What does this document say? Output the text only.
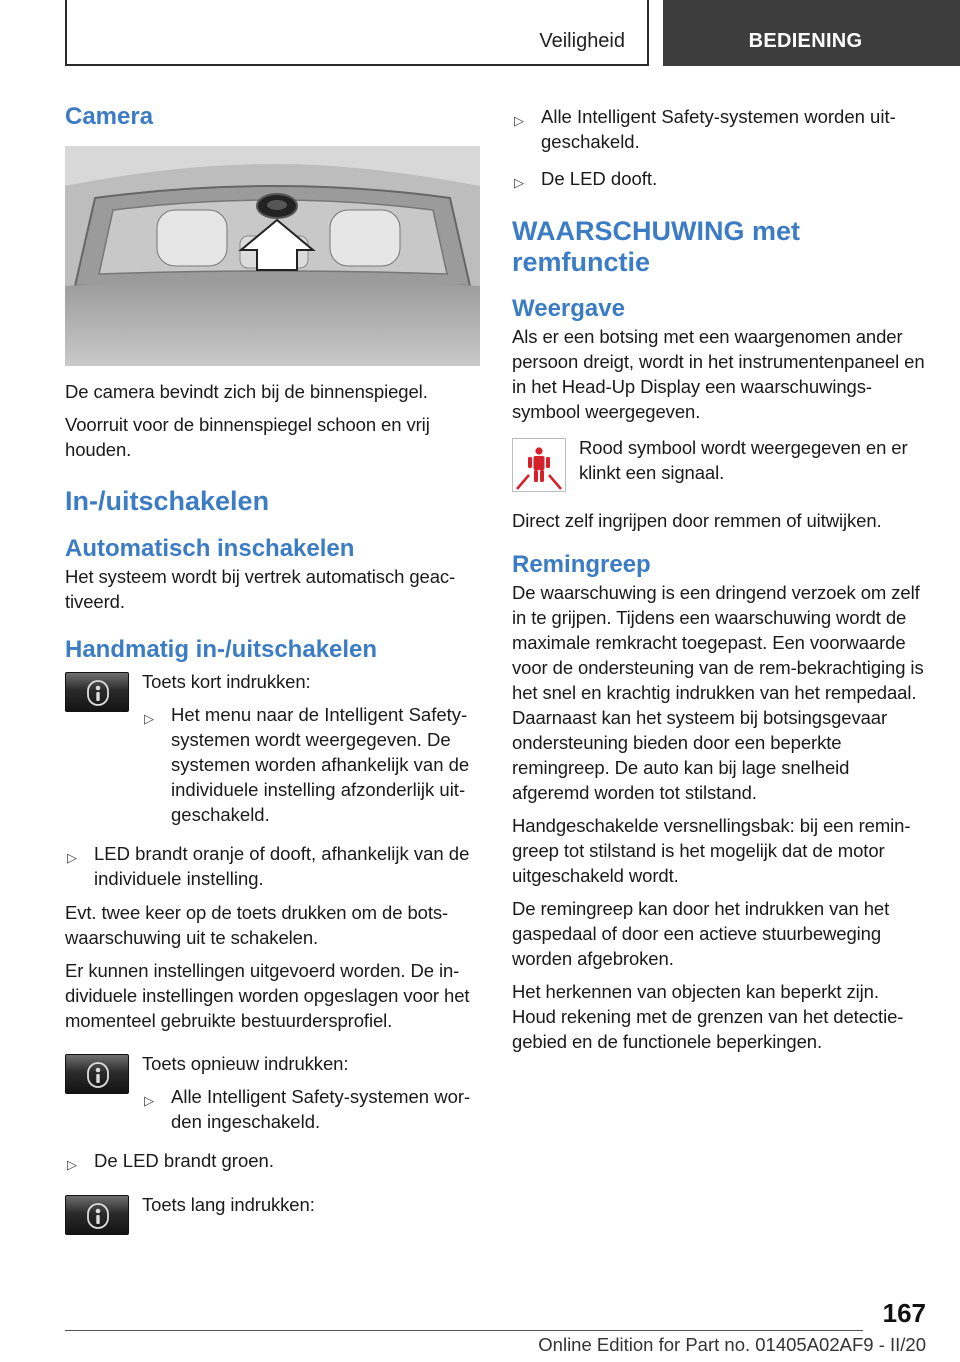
Veiligheid	BEDIENING
Camera
De camera bevindt zich bij de binnenspiegel.
Voorruit voor de binnenspiegel schoon en vrij houden.
In-/uitschakelen
Automatisch inschakelen
Het systeem wordt bij vertrek automatisch geac-tiveerd.
Handmatig in-/uitschakelen
Toets kort indrukken:
▷ Het menu naar de Intelligent Safety-systemen wordt weergegeven. De systemen worden afhankelijk van de individuele instelling afzonderlijk uit-geschakeld.
▷ LED brandt oranje of dooft, afhankelijk van de individuele instelling.
Evt. twee keer op de toets drukken om de bots-waarschuwing uit te schakelen.
Er kunnen instellingen uitgevoerd worden. De in-dividuele instellingen worden opgeslagen voor het momenteel gebruikte bestuurdersprofiel.
Toets opnieuw indrukken:
▷ Alle Intelligent Safety-systemen wor-den ingeschakeld.
▷ De LED brandt groen.
Toets lang indrukken:
▷ Alle Intelligent Safety-systemen worden uit-geschakeld.
▷ De LED dooft.
WAARSCHUWING met remfunctie
Weergave
Als er een botsing met een waargenomen ander persoon dreigt, wordt in het instrumentenpaneel en in het Head-Up Display een waarschuwings-symbool weergegeven.
Rood symbool wordt weergegeven en er klinkt een signaal.
Direct zelf ingrijpen door remmen of uitwijken.
Remingreep
De waarschuwing is een dringend verzoek om zelf in te grijpen. Tijdens een waarschuwing wordt de maximale remkracht toegepast. Een voorwaarde voor de ondersteuning van de rem-bekrachtiging is het snel en krachtig indrukken van het rempedaal. Daarnaast kan het systeem bij botsingsgevaar ondersteuning bieden door een beperkte remingreep. De auto kan bij lage snelheid afgeremd worden tot stilstand.
Handgeschakelde versnellingsbak: bij een remin-greep tot stilstand is het mogelijk dat de motor uitgeschakeld wordt.
De remingreep kan door het indrukken van het gaspedaal of door een actieve stuurbeweging worden afgebroken.
Het herkennen van objecten kan beperkt zijn. Houd rekening met de grenzen van het detectie-gebied en de functionele beperkingen.
167
Online Edition for Part no. 01405A02AF9 - II/20
